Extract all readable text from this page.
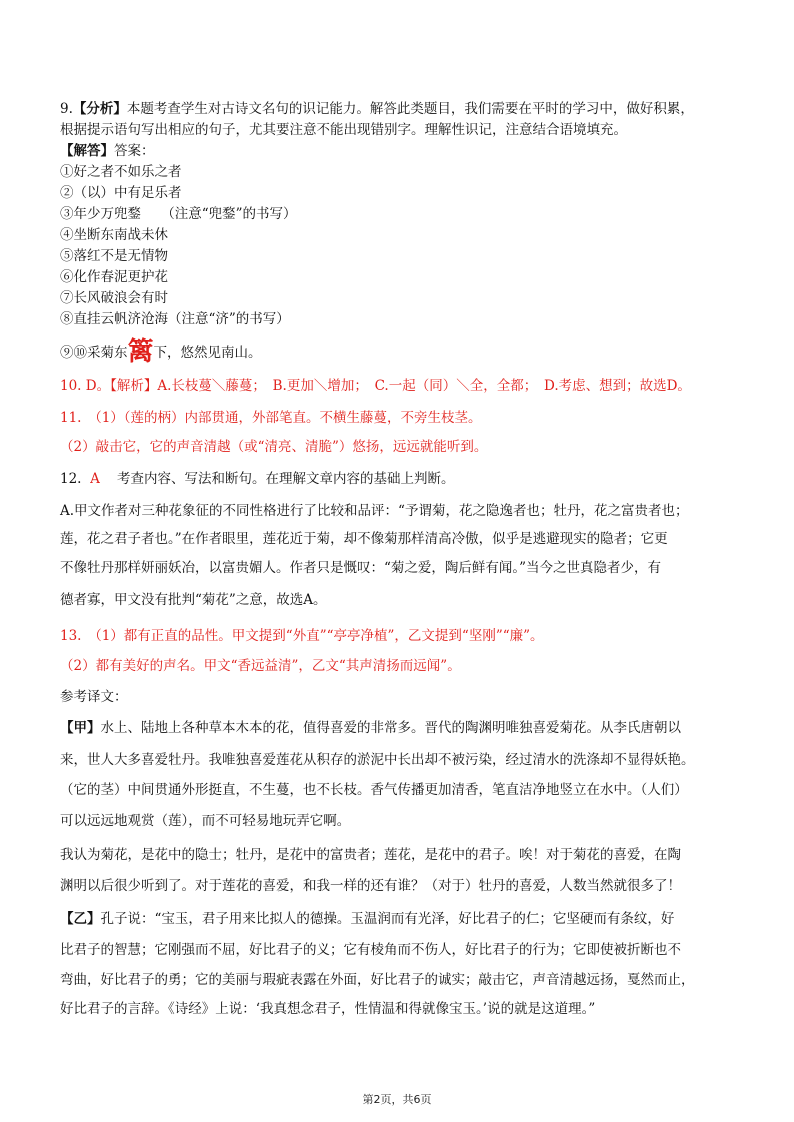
9.【分析】本题考查学生对古诗文名句的识记能力。解答此类题目，我们需要在平时的学习中，做好积累，
根据提示语句写出相应的句子，尤其要注意不能出现错别字。理解性识记，注意结合语境填充。
【解答】答案：
①好之者不如乐之者
②（以）中有足乐者
③年少万兜鍪　　（注意“兜鍪”的书写）
④坐断东南战未休
⑤落红不是无情物
⑥化作春泥更护花
⑦长风破浪会有时
⑧直挂云帆济沧海（注意“济”的书写）
⑨⑩采菊东篱下，悠然见南山。
10. D。【解析】A.长枝蔓＼藤蔓；　B.更加＼增加；　C.一起（同）＼全，全都；　D.考虑、想到；故选D。
11.　（1）（莲的柄）内部贯通，外部笔直。不横生藤蔓，不旁生枝茎。
（2）敲击它，它的声音清越（或“清亮、清脆”）悠扬，远远就能听到。
12. A 考查内容、写法和断句。在理解文章内容的基础上判断。
A.甲文作者对三种花象征的不同性格进行了比较和品评：“予谓菊，花之隐逸者也；牡丹，花之富贵者也；
莲，花之君子者也。”在作者眼里，莲花近于菊，却不像菊那样清高冷傲，似乎是逃避现实的隐者；它更
不像牡丹那样妍丽妖冶，以富贵媚人。作者只是慨叹：“菊之爱，陶后鲜有闻。”当今之世真隐者少，有
德者寡，甲文没有批判“菊花”之意，故选A。
13.　（1）都有正直的品性。甲文提到“外直”“亭亭净植”，乙文提到“坚刚”“廉”。
（2）都有美好的声名。甲文“香远益清”，乙文“其声清扬而远闻”。
参考译文：
【甲】水上、陆地上各种草本木本的花，值得喜爱的非常多。晋代的陶渊明唯独喜爱菊花。从李氏唐朝以
来，世人大多喜爱牡丹。我唯独喜爱莲花从积存的淤泥中长出却不被污染，经过清水的洗涤却不显得妖艳。
（它的茎）中间贯通外形挺直，不生蔓，也不长枝。香气传播更加清香，笔直洁净地竖立在水中。（人们）
可以远远地观赏（莲），而不可轻易地玩弄它啊。
我认为菊花，是花中的隐士；牡丹，是花中的富贵者；莲花，是花中的君子。唉！对于菊花的喜爱，在陶
渊明以后很少听到了。对于莲花的喜爱，和我一样的还有谁？（对于）牡丹的喜爱，人数当然就很多了！
【乙】孔子说：“宝玉，君子用来比拟人的德操。玉温润而有光泽，好比君子的仁；它坚硬而有条纹，好
比君子的智慧；它刚强而不屈，好比君子的义；它有棱角而不伤人，好比君子的行为；它即使被折断也不
弯曲，好比君子的勇；它的美丽与瑕疵表露在外面，好比君子的诚实；敲击它，声音清越远扬，戛然而止，
好比君子的言辞。《诗经》上说：‘我真想念君子，性情温和得就像宝玉。’说的就是这道理。”
第2页，共6页
